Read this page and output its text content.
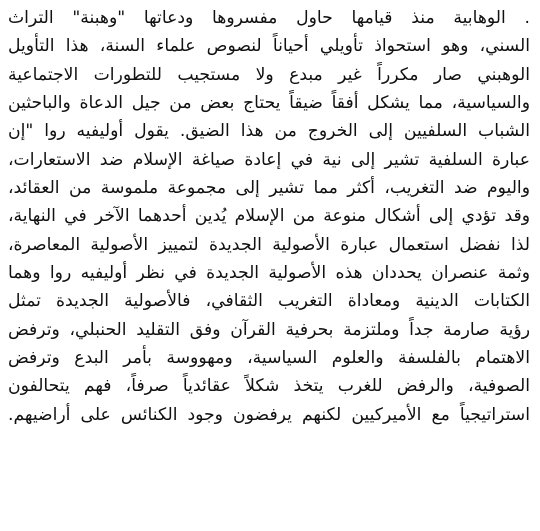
. الوهابية منذ قيامها حاول مفسروها ودعاتها "وهبنة" التراث
السني، وهو استحواذ تأويلي أحياناً لنصوص علماء السنة، هذا التأويل
الوهبني صار مكرراً غير مبدع ولا مستجيب للتطورات الاجتماعية
والسياسية، مما يشكل أفقاً ضيقاً يحتاج بعض من جيل الدعاة والباحثين
الشباب السلفيين إلى الخروج من هذا الضيق. يقول أوليفيه روا "إن
عبارة السلفية تشير إلى نية في إعادة صياغة الإسلام ضد الاستعارات،
واليوم ضد التغريب، أكثر مما تشير إلى مجموعة ملموسة من العقائد،
وقد تؤدي إلى أشكال منوعة من الإسلام يُدين أحدهما الآخر في النهاية،
لذا نفضل استعمال عبارة الأصولية الجديدة لتمييز الأصولية المعاصرة،
وثمة عنصران يحددان هذه الأصولية الجديدة في نظر أوليفيه روا وهما
الكتابات الدينية ومعاداة التغريب الثقافي، فالأصولية الجديدة تمثل
رؤية صارمة جداً وملتزمة بحرفية القرآن وفق التقليد الحنبلي، وترفض
الاهتمام بالفلسفة والعلوم السياسية، ومهووسة بأمر البدع وترفض
الصوفية، والرفض للغرب يتخذ شكلاً عقائدياً صرفاً، فهم يتحالفون
استراتيجياً مع الأميركيين لكنهم يرفضون وجود الكنائس على أراضيهم.
